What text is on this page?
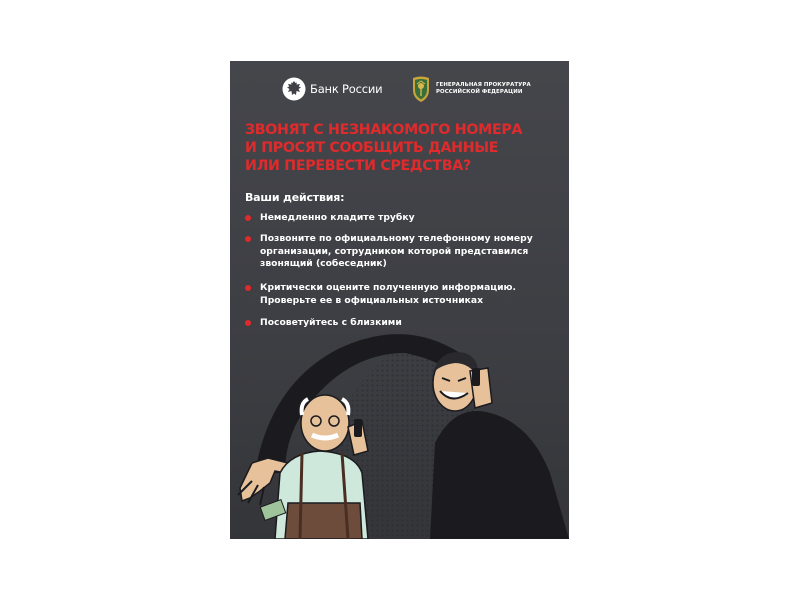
Банк России	ГЕНЕРАЛЬНАЯ ПРОКУРАТУРА
РОССИЙСКОЙ ФЕДЕРАЦИИ
ЗВОНЯТ С НЕЗНАКОМОГО НОМЕРА
И ПРОСЯТ СООБЩИТЬ ДАННЫЕ
ИЛИ ПЕРЕВЕСТИ СРЕДСТВА?
Ваши действия:
Немедленно кладите трубку
Позвоните по официальному телефонному номеру
организации, сотрудником которой представился
звонящий (собеседник)
Критически оцените полученную информацию.
Проверьте ее в официальных источниках
Посоветуйтесь с близкими
